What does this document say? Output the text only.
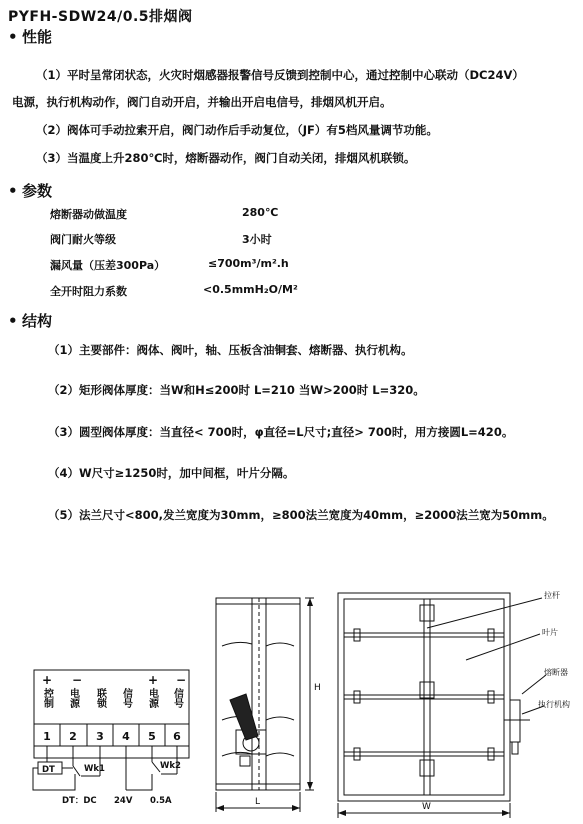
PYFH-SDW24/0.5排烟阀
• 性能
（1）平时呈常闭状态，火灾时烟感器报警信号反馈到控制中心，通过控制中心联动（DC24V）
电源，执行机构动作，阀门自动开启，并输出开启电信号，排烟风机开启。
（2）阀体可手动拉索开启，阀门动作后手动复位，（JF）有5档风量调节功能。
（3）当温度上升280℃时，熔断器动作，阀门自动关闭，排烟风机联锁。
• 参数
熔断器动做温度	280℃
阀门耐火等级	3小时
漏风量（压差300Pa）	≤700m³/m².h
全开时阻力系数	<0.5mmH₂O/M²
• 结构
（1）主要部件：阀体、阀叶，轴、压板含油铜套、熔断器、执行机构。
（2）矩形阀体厚度：当W和H≤200时 L=210 当W>200时 L=320。
（3）圆型阀体厚度：当直径< 700时，φ直径=L尺寸;直径> 700时，用方接圆L=420。
（4）W尺寸≥1250时，加中间框，叶片分隔。
（5）法兰尺寸<800,发兰宽度为30mm，≥800法兰宽度为40mm，≥2000法兰宽为50mm。
+ −	+ −
控制 电源 联锁 信号 电源 信号
1 2 3 4 5 6
DT	Wk1	Wk2
DT：DC 24V 0.5A
H
L	W
拉杆
叶片
熔断器
执行机构
